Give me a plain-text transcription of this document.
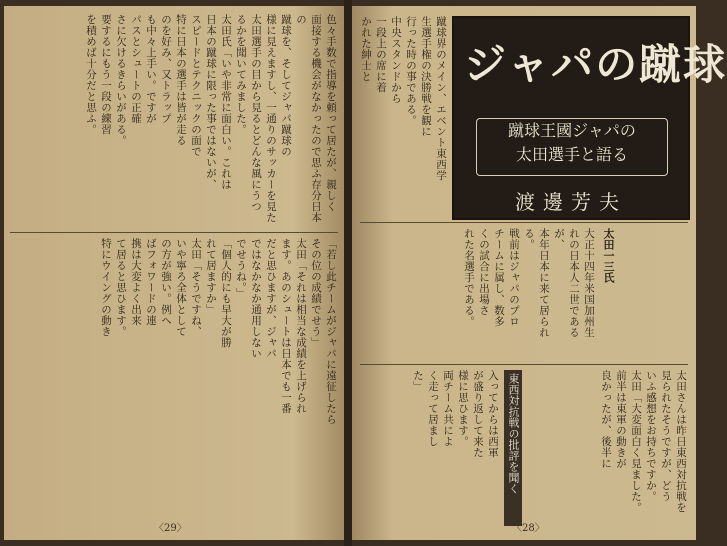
色々手数で指導を頼って居たが、親しく
面接する機会がなかったので思ふ存分日本の
蹴球を、そしてジャパ蹴球の
様に見えますし、一通りのサッカーを見た
太田選手の目から見るとどんな風にうつ
るかを聞いてみました。
太田氏「いや非常に面白い。これは
日本の蹴球に限った事ではないが、
スピードとテクニックの面で
特に日本の選手は皆が走る
のを好み、又トラップ
も中々上手い。ですが
パスとシュートの正確
さに欠けるきらいがある。
要するにもう一段の練習
を積めば十分だと思ふ。
「若し此チームがジャパに遠征したら
その位の成績でせう」
太田「それは相当な成績を上げられ
ます。あのシュートは日本でも一番
だと思ひますが、ジャパ
ではなかなか通用しない
でせうね。」
「個人的にも早大が勝
れて居ますか」
太田「そうですね、
いや寧ろ全体として
の方が強い。例へ
ばフォワードの連
携は大変よく出来
て居ると思ひます。
特にウイングの動き
〈29〉
蹴球界のメイン、エベント東西学
生選手権の決勝戦を観に
行った時の事である。
中央スタンドから
一段上の席に着
かれた紳士と ジャパの蹴球
蹴球王國ジャパの
太田選手と語る
渡邊芳夫
太田一三氏
大正十四年米国加州生
れの日本人二世であるが、
本年日本に来て居られる。
戦前はジャパのプロ
チームに属し、数多
くの試合に出場さ
れた名選手である。
東西対抗戦の批評を聞く
入ってからは西軍
が盛り返して来た
様に思ひます。
両チーム共によ
く走って居まし
た」	太田さんは昨日東西対抗戦を
見られたそうですが、どう
いふ感想をお持ちですか。
太田「大変面白く見ました。
前半は東軍の動きが
良かったが、後半に
〈28〉
